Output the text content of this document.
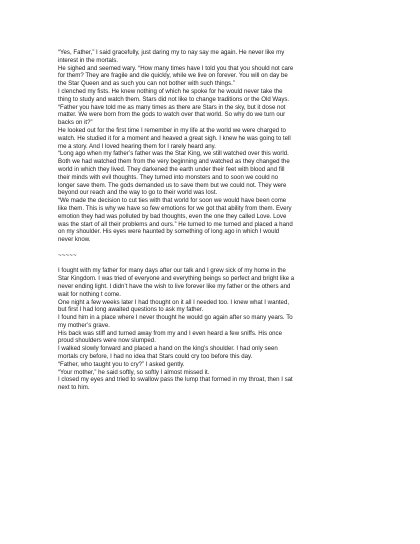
“Yes, Father,” I said gracefully, just daring my to nay say me again. He never like my
interest in the mortals.
He sighed and seemed wary. “How many times have I told you that you should not care
for them? They are fragile and die quickly, while we live on forever. You will on day be
the Star Queen and as such you can not bother with such things.”
I clenched my fists. He knew nothing of which he spoke for he would never take the
thing to study and watch them. Stars did not like to change traditions or the Old Ways.
“Father you have told me as many times as there are Stars in the sky, but it dose not
matter. We were born from the gods to watch over that world. So why do we turn our
backs on it?”
He looked out for the first time I remember in my life at the world we were charged to
watch. He studied it for a moment and heaved a great sigh. I knew he was going to tell
me a story. And I loved hearing them for I rarely heard any.
“Long ago when my father’s father was the Star King, we still watched over this world.
Both we had watched them from the very beginning and watched as they changed the
world in which they lived. They darkened the earth under their feet with blood and fill
their minds with evil thoughts. They turned into monsters and to soon we could no
longer save them. The gods demanded us to save them but we could not. They were
beyond our reach and the way to go to their world was lost.
“We made the decision to cut ties with that world for soon we would have been come
like them. This is why we have so few emotions for we got that ability from them. Every
emotion they had was polluted by bad thoughts, even the one they called Love. Love
was the start of all their problems and ours.” He turned to me turned and placed a hand
on my shoulder. His eyes were haunted by something of long ago in which I would
never know.
~~~~~
I fought with my father for many days after our talk and I grew sick of my home in the
Star Kingdom. I was tried of everyone and everything beings so perfect and bright like a
never ending light. I didn’t have the wish to live forever like my father or the others and
wait for nothing t come.
One night a few weeks later I had thought on it all I needed too. I knew what I wanted,
but first I had long awaited questions to ask my father.
I found him in a place where I never thought he would go again after so many years. To
my mother’s grave.
His back was stiff and turned away from my and I even heard a few sniffs. His once
proud shoulders were now slumped.
I walked slowly forward and placed a hand on the king’s shoulder. I had only seen
mortals cry before, I had no idea that Stars could cry too before this day.
“Father, who taught you to cry?” I asked gently.
“Your mother,” he said softly, so softly I almost missed it.
I closed my eyes and tried to swallow pass the lump that formed in my throat, then I sat
next to him.
